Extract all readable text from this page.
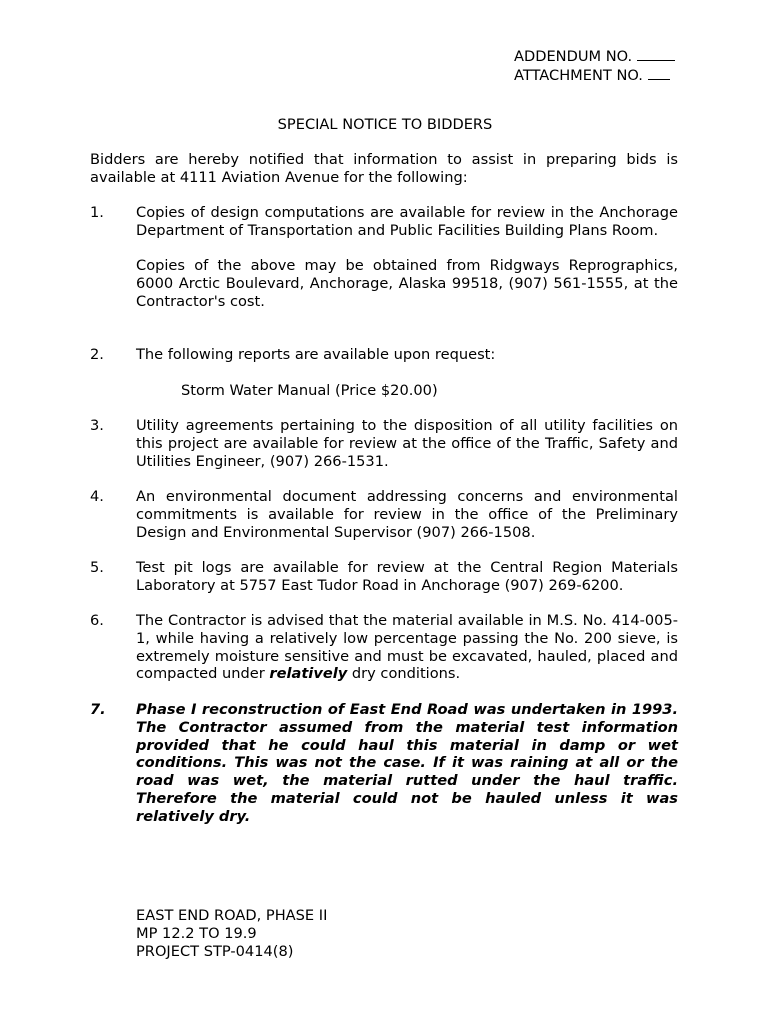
ADDENDUM NO.
ATTACHMENT NO.
SPECIAL NOTICE TO BIDDERS
Bidders are hereby notified that information to assist in preparing bids is available at 4111 Aviation Avenue for the following:
1.	Copies of design computations are available for review in the Anchorage Department of Transportation and Public Facilities Building Plans Room.

Copies of the above may be obtained from Ridgways Reprographics, 6000 Arctic Boulevard, Anchorage, Alaska 99518, (907) 561-1555, at the Contractor's cost.

2.	The following reports are available upon request:

Storm Water Manual (Price $20.00)

3.	Utility agreements pertaining to the disposition of all utility facilities on this project are available for review at the office of the Traffic, Safety and Utilities Engineer, (907) 266-1531.

4.	An environmental document addressing concerns and environmental commitments is available for review in the office of the Preliminary Design and Environmental Supervisor (907) 266-1508.

5.	Test pit logs are available for review at the Central Region Materials Laboratory at 5757 East Tudor Road in Anchorage (907) 269-6200.

6.	The Contractor is advised that the material available in M.S. No. 414-005-1, while having a relatively low percentage passing the No. 200 sieve, is extremely moisture sensitive and must be excavated, hauled, placed and compacted under relatively dry conditions.

7.	Phase I reconstruction of East End Road was undertaken in 1993. The Contractor assumed from the material test information provided that he could haul this material in damp or wet conditions. This was not the case. If it was raining at all or the road was wet, the material rutted under the haul traffic. Therefore the material could not be hauled unless it was relatively dry.

EAST END ROAD, PHASE II
MP 12.2 TO 19.9
PROJECT STP-0414(8)
